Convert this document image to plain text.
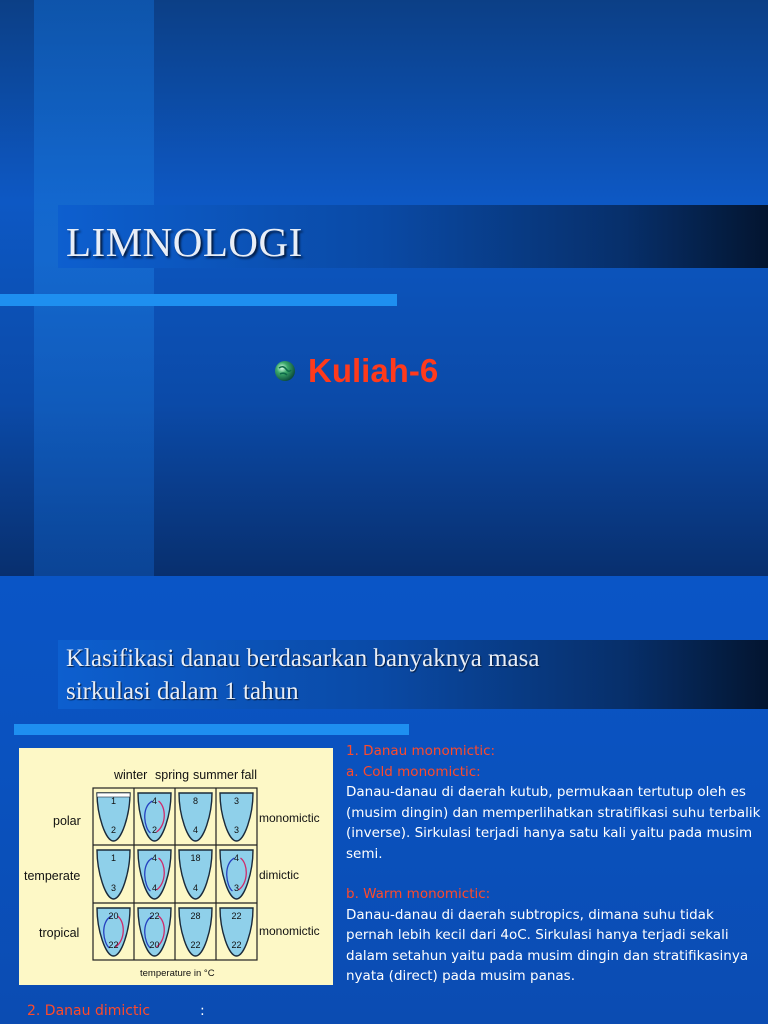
LIMNOLOGI
Kuliah-6
Klasifikasi danau berdasarkan banyaknya masa
sirkulasi dalam 1 tahun
winter spring summer fall
polar
temperate
tropical
monomictic
dimictic
monomictic
1
2
4
2
8
4
3
3
1
3
4
4
18
4
4
3
20
22
22
20
28
22
22
22
temperature in °C
1. Danau monomictic:
a. Cold monomictic:
Danau-danau di daerah kutub, permukaan tertutup oleh es (musim dingin) dan memperlihatkan stratifikasi suhu terbalik (inverse). Sirkulasi terjadi hanya satu kali yaitu pada musim semi.
b. Warm monomictic:
Danau-danau di daerah subtropics, dimana suhu tidak pernah lebih kecil dari 4oC. Sirkulasi hanya terjadi sekali dalam setahun yaitu pada musim dingin dan stratifikasinya nyata (direct) pada musim panas.
2. Danau dimictic	:
